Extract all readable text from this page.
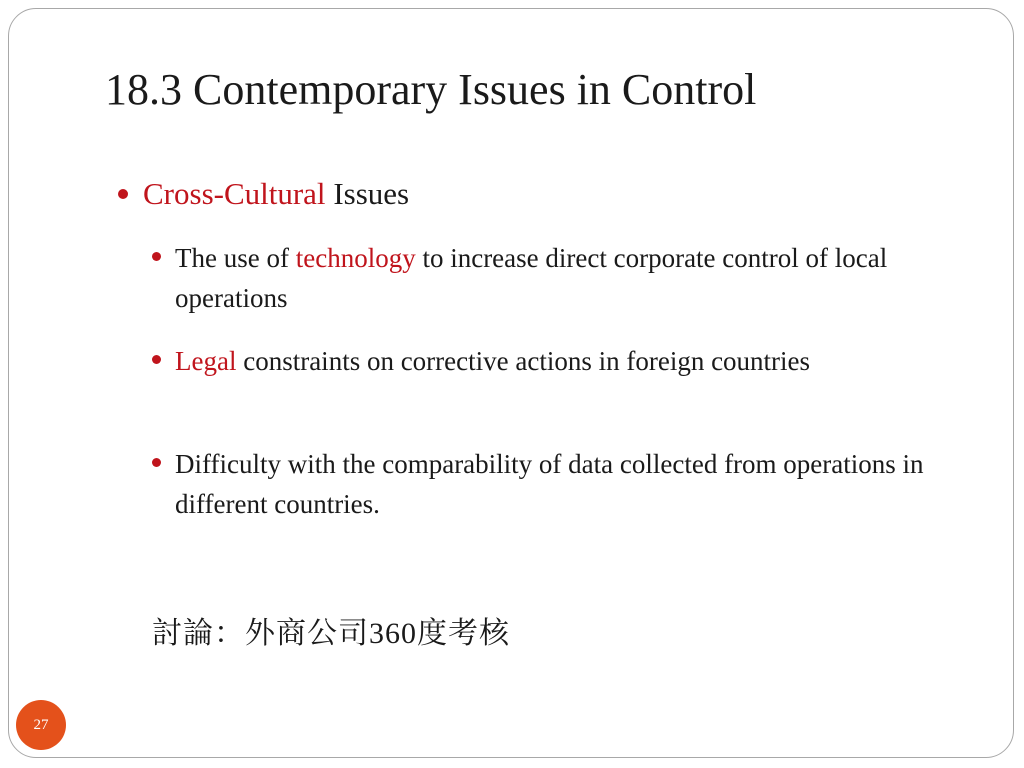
18.3 Contemporary Issues in Control
Cross-Cultural Issues
The use of technology to increase direct corporate control of local operations
Legal constraints on corrective actions in foreign countries
Difficulty with the comparability of data collected from operations in different countries.
討論：外商公司360度考核
27
